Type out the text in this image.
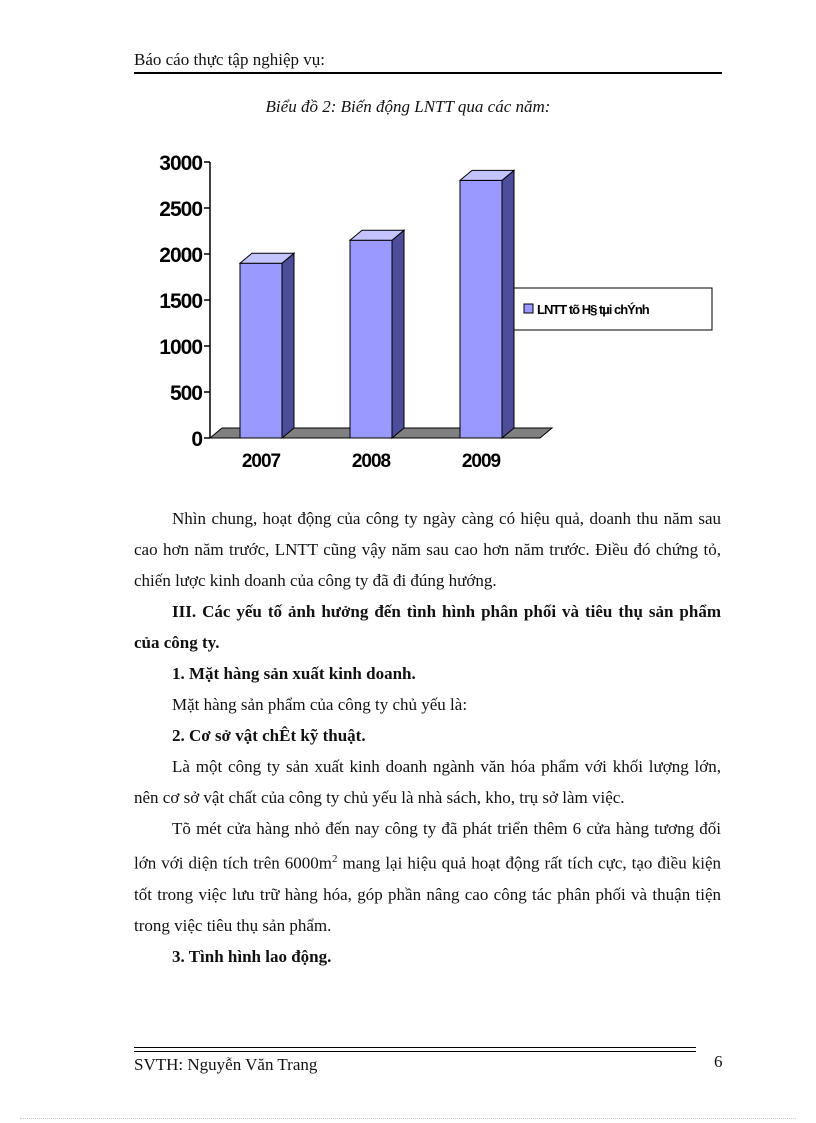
Báo cáo thực tập nghiệp vụ:
Biểu đồ 2: Biến động LNTT qua các năm:
0
500
1000
1500
2000
2500
3000
2007	2008	2009
LNTT tõ H§ tµi chÝnh

Nhìn chung, hoạt động của công ty ngày càng có hiệu quả, doanh thu năm sau cao hơn năm trước, LNTT cũng vậy năm sau cao hơn năm trước. Điều đó chứng tỏ, chiến lược kinh doanh của công ty đã đi đúng hướng.

III. Các yếu tố ảnh hưởng đến tình hình phân phối và tiêu thụ sản phẩm của công ty.

1. Mặt hàng sản xuất kinh doanh.

Mặt hàng sản phẩm của công ty chủ yếu là:

2. Cơ sở vật chÊt kỹ thuật.

Là một công ty sản xuất kinh doanh ngành văn hóa phẩm với khối lượng lớn, nên cơ sở vật chất của công ty chủ yếu là nhà sách, kho, trụ sở làm việc.

Tõ mét cửa hàng nhỏ đến nay công ty đã phát triển thêm 6 cửa hàng tương đối lớn với diện tích trên $6000m^2$ mang lại hiệu quả hoạt động rất tích cực, tạo điều kiện tốt trong việc lưu trữ hàng hóa, góp phần nâng cao công tác phân phối và thuận tiện trong việc tiêu thụ sản phẩm.

3. Tình hình lao động.

SVTH: Nguyễn Văn Trang	6
